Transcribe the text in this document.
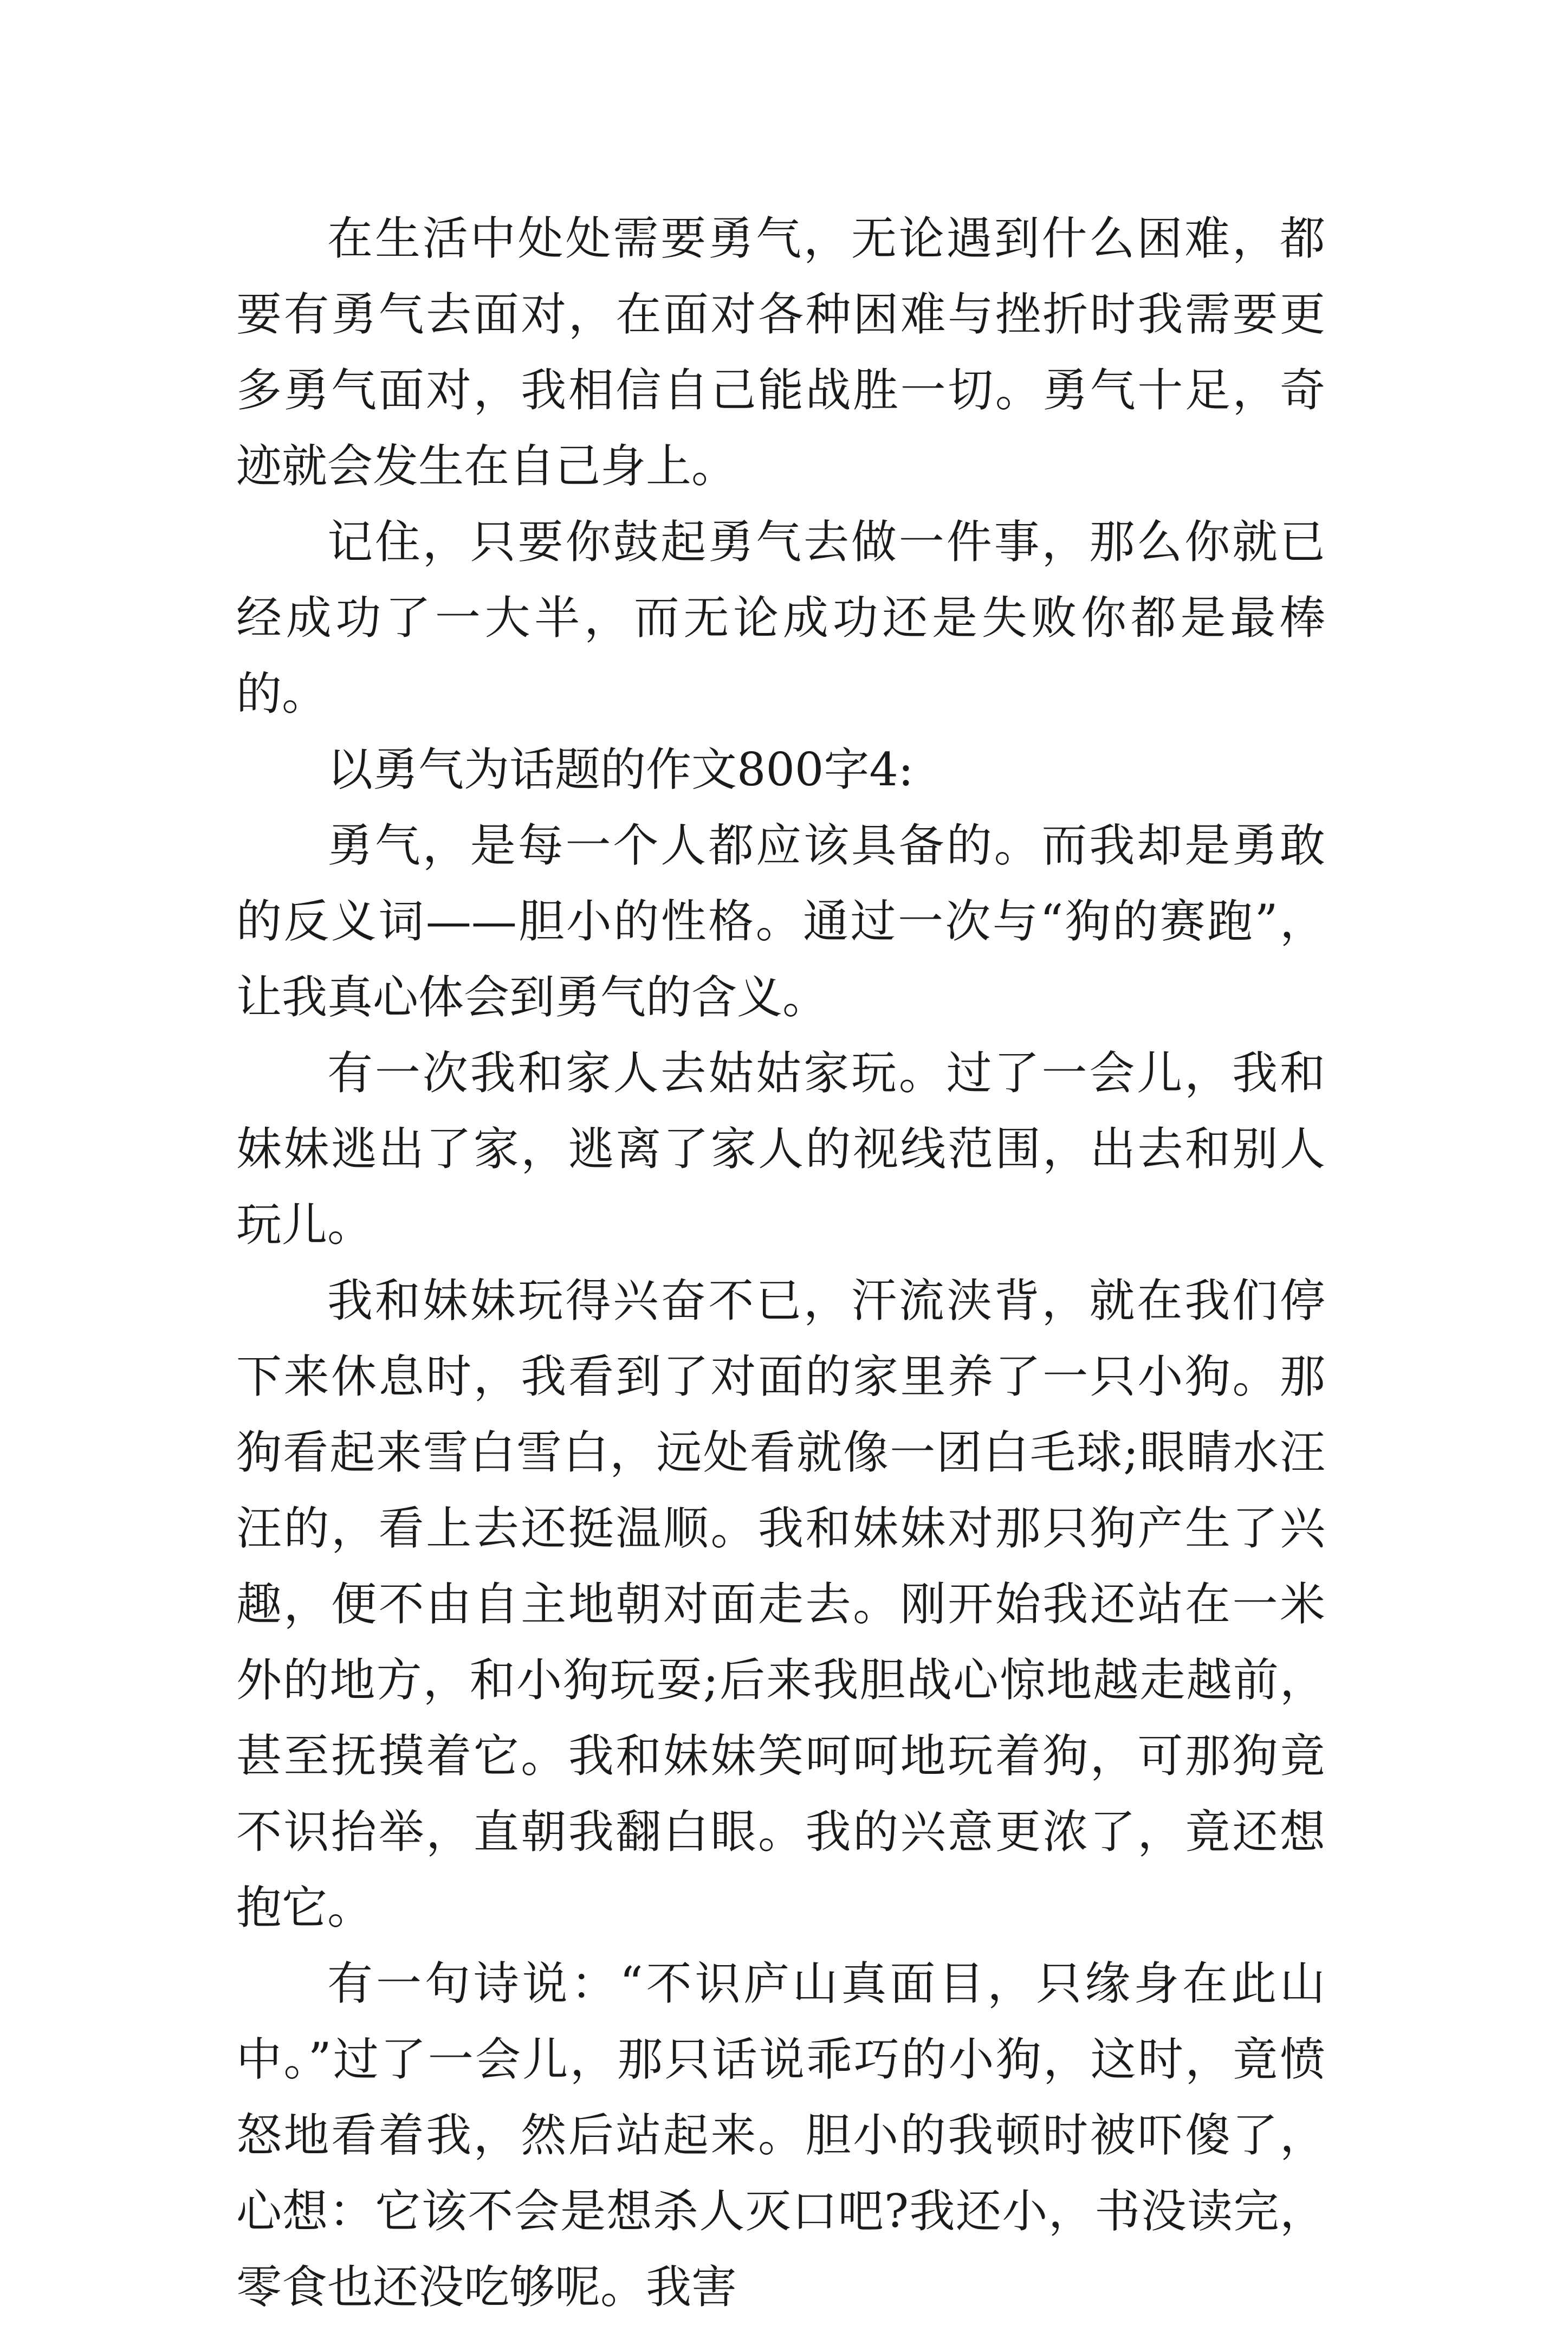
在生活中处处需要勇气，无论遇到什么困难，都要有勇气去面对，在面对各种困难与挫折时我需要更多勇气面对，我相信自己能战胜一切。勇气十足，奇迹就会发生在自己身上。

记住，只要你鼓起勇气去做一件事，那么你就已经成功了一大半，而无论成功还是失败你都是最棒的。

以勇气为话题的作文800字4:

勇气，是每一个人都应该具备的。而我却是勇敢的反义词——胆小的性格。通过一次与“狗的赛跑”，让我真心体会到勇气的含义。

有一次我和家人去姑姑家玩。过了一会儿，我和妹妹逃出了家，逃离了家人的视线范围，出去和别人玩儿。

我和妹妹玩得兴奋不已，汗流浃背，就在我们停下来休息时，我看到了对面的家里养了一只小狗。那狗看起来雪白雪白，远处看就像一团白毛球;眼睛水汪汪的，看上去还挺温顺。我和妹妹对那只狗产生了兴趣，便不由自主地朝对面走去。刚开始我还站在一米外的地方，和小狗玩耍;后来我胆战心惊地越走越前，甚至抚摸着它。我和妹妹笑呵呵地玩着狗，可那狗竟不识抬举，直朝我翻白眼。我的兴意更浓了，竟还想抱它。

有一句诗说：“不识庐山真面目，只缘身在此山中。”过了一会儿，那只话说乖巧的小狗，这时，竟愤怒地看着我，然后站起来。胆小的我顿时被吓傻了，心想：它该不会是想杀人灭口吧?我还小，书没读完，零食也还没吃够呢。我害
